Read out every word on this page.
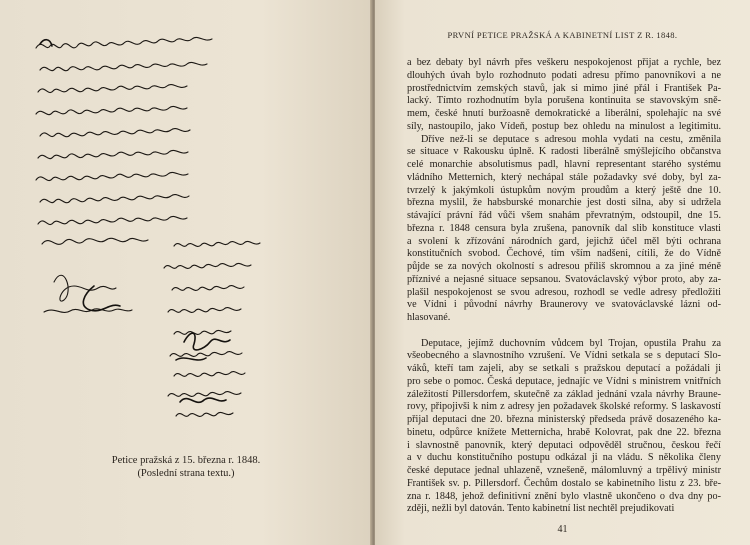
Petice pražská z 15. března r. 1848.
(Poslední strana textu.)
PRVNÍ PETICE PRAŽSKÁ A KABINETNÍ LIST Z R. 1848.
a bez debaty byl návrh přes veškeru nespokojenost přijat a rychle, bez
dlouhých úvah bylo rozhodnuto podati adresu přímo panovníkovi a ne
prostřednictvím zemských stavů, jak si mimo jiné přál i František Pa-
lacký. Tímto rozhodnutím byla porušena kontinuita se stavovským sně-
mem, české hnutí buržoasně demokratické a liberální, spolehajíc na své
síly, nastoupilo, jako Vídeň, postup bez ohledu na minulost a legitimitu.
Dříve než-li se deputace s adresou mohla vydati na cestu, změnila
se situace v Rakousku úplně. K radosti liberálně smýšlejícího občanstva
celé monarchie absolutismus padl, hlavní representant starého systému
vládního Metternich, který nechápal stále požadavky své doby, byl za-
tvrzelý k jakýmkoli ústupkům novým proudům a který ještě dne 10.
března myslil, že habsburské monarchie jest dosti silna, aby si udržela
stávající právní řád vůči všem snahám převratným, odstoupil, dne 15.
března r. 1848 censura byla zrušena, panovník dal slib konstituce vlasti
a svolení k zřízování národních gard, jejichž účel měl býti ochrana
konstitučních svobod. Čechové, tím vším nadšeni, cítili, že do Vídně
půjde se za nových okolností s adresou příliš skromnou a za jiné méně
příznivé a nejasné situace sepsanou. Svatováclavský výbor proto, aby za-
plašil nespokojenost se svou adresou, rozhodl se vedle adresy předložiti
ve Vídni i původní návrhy Braunerovy ve svatováclavské lázni od-
hlasované.
Deputace, jejímž duchovním vůdcem byl Trojan, opustila Prahu za
všeobecného a slavnostního vzrušení. Ve Vídni setkala se s deputací Slo-
váků, kteří tam zajeli, aby se setkali s pražskou deputací a požádali ji
pro sebe o pomoc. Česká deputace, jednajíc ve Vídni s ministrem vnitřních
záležitostí Pillersdorfem, skutečně za základ jednání vzala návrhy Braune-
rovy, připojivši k nim z adresy jen požadavek školské reformy. S laskavostí
přijal deputaci dne 20. března ministerský předseda právě dosazeného ka-
binetu, odpůrce knížete Metternicha, hrabě Kolovrat, pak dne 22. března
i slavnostně panovník, který deputaci odpověděl stručnou, českou řečí
a v duchu konstitučního postupu odkázal ji na vládu. S několika členy
české deputace jednal uhlazeně, vznešeně, málomluvný a trpělivý ministr
František sv. p. Pillersdorf. Čechům dostalo se kabinetního listu z 23. bře-
zna r. 1848, jehož definitivní znění bylo vlastně ukončeno o dva dny po-
zději, nežli byl datován. Tento kabinetní list nechtěl prejudikovati
41
